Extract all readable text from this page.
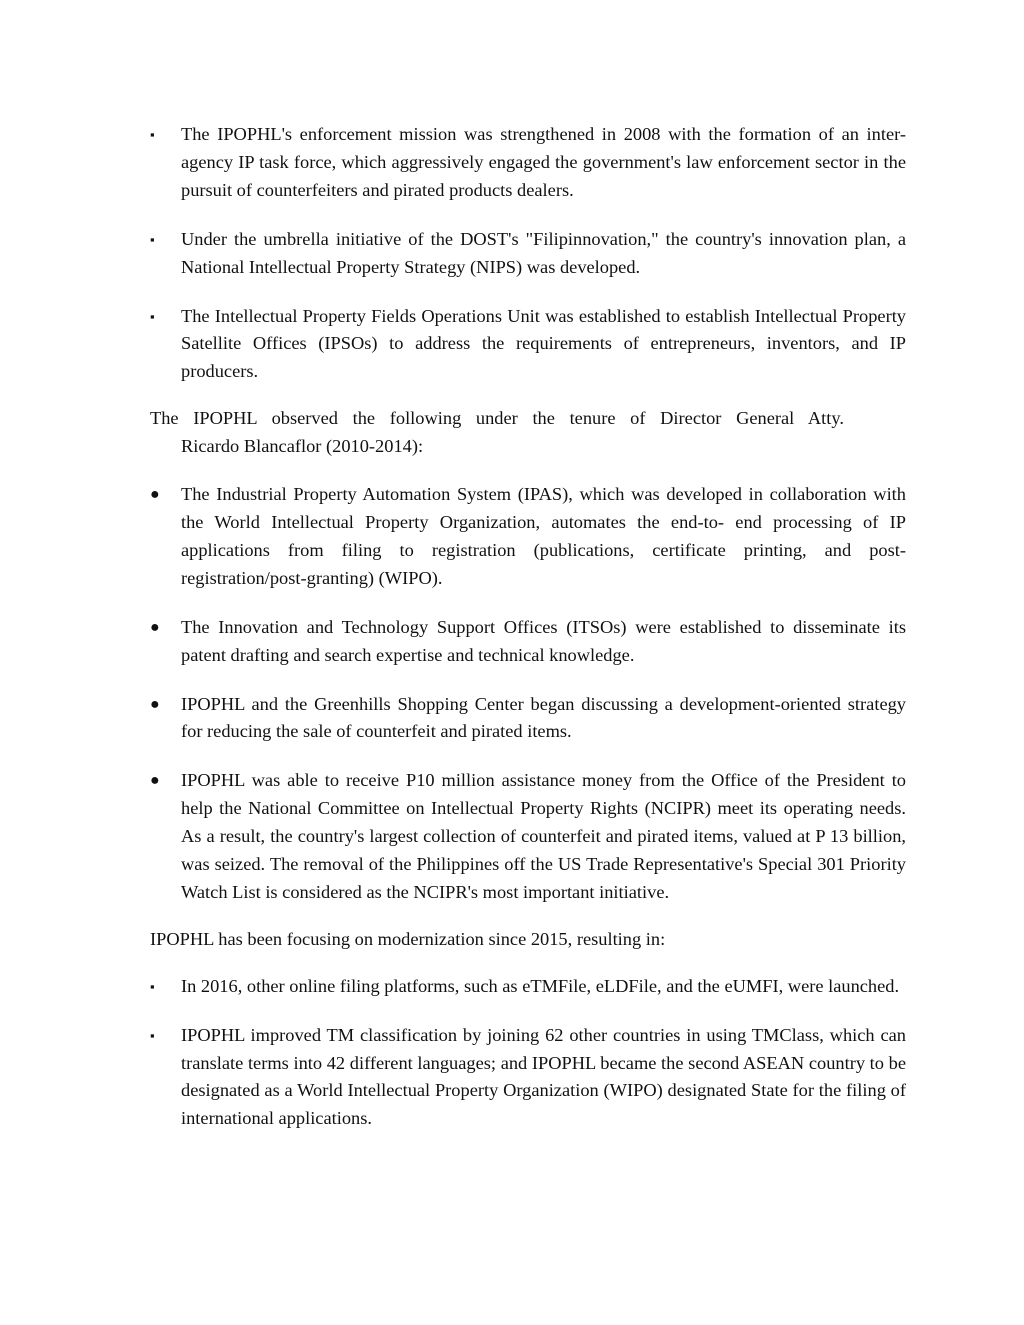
▪	The IPOPHL's enforcement mission was strengthened in 2008 with the formation of an inter-agency IP task force, which aggressively engaged the government's law enforcement sector in the pursuit of counterfeiters and pirated products dealers.
▪	Under the umbrella initiative of the DOST's "Filipinnovation," the country's innovation plan, a National Intellectual Property Strategy (NIPS) was developed.
▪	The Intellectual Property Fields Operations Unit was established to establish Intellectual Property Satellite Offices (IPSOs) to address the requirements of entrepreneurs, inventors, and IP producers.
The IPOPHL observed the following under the tenure of Director General Atty.
Ricardo Blancaflor (2010-2014):
●	The Industrial Property Automation System (IPAS), which was developed in collaboration with the World Intellectual Property Organization, automates the end-to- end processing of IP applications from filing to registration (publications, certificate printing, and post-registration/post-granting) (WIPO).
●	The Innovation and Technology Support Offices (ITSOs) were established to disseminate its patent drafting and search expertise and technical knowledge.
●	IPOPHL and the Greenhills Shopping Center began discussing a development-oriented strategy for reducing the sale of counterfeit and pirated items.
●	IPOPHL was able to receive P10 million assistance money from the Office of the President to help the National Committee on Intellectual Property Rights (NCIPR) meet its operating needs. As a result, the country's largest collection of counterfeit and pirated items, valued at P 13 billion, was seized. The removal of the Philippines off the US Trade Representative's Special 301 Priority Watch List is considered as the NCIPR's most important initiative.
IPOPHL has been focusing on modernization since 2015, resulting in:
▪	In 2016, other online filing platforms, such as eTMFile, eLDFile, and the eUMFI, were launched.
▪	IPOPHL improved TM classification by joining 62 other countries in using TMClass, which can translate terms into 42 different languages; and IPOPHL became the second ASEAN country to be designated as a World Intellectual Property Organization (WIPO) designated State for the filing of international applications.
